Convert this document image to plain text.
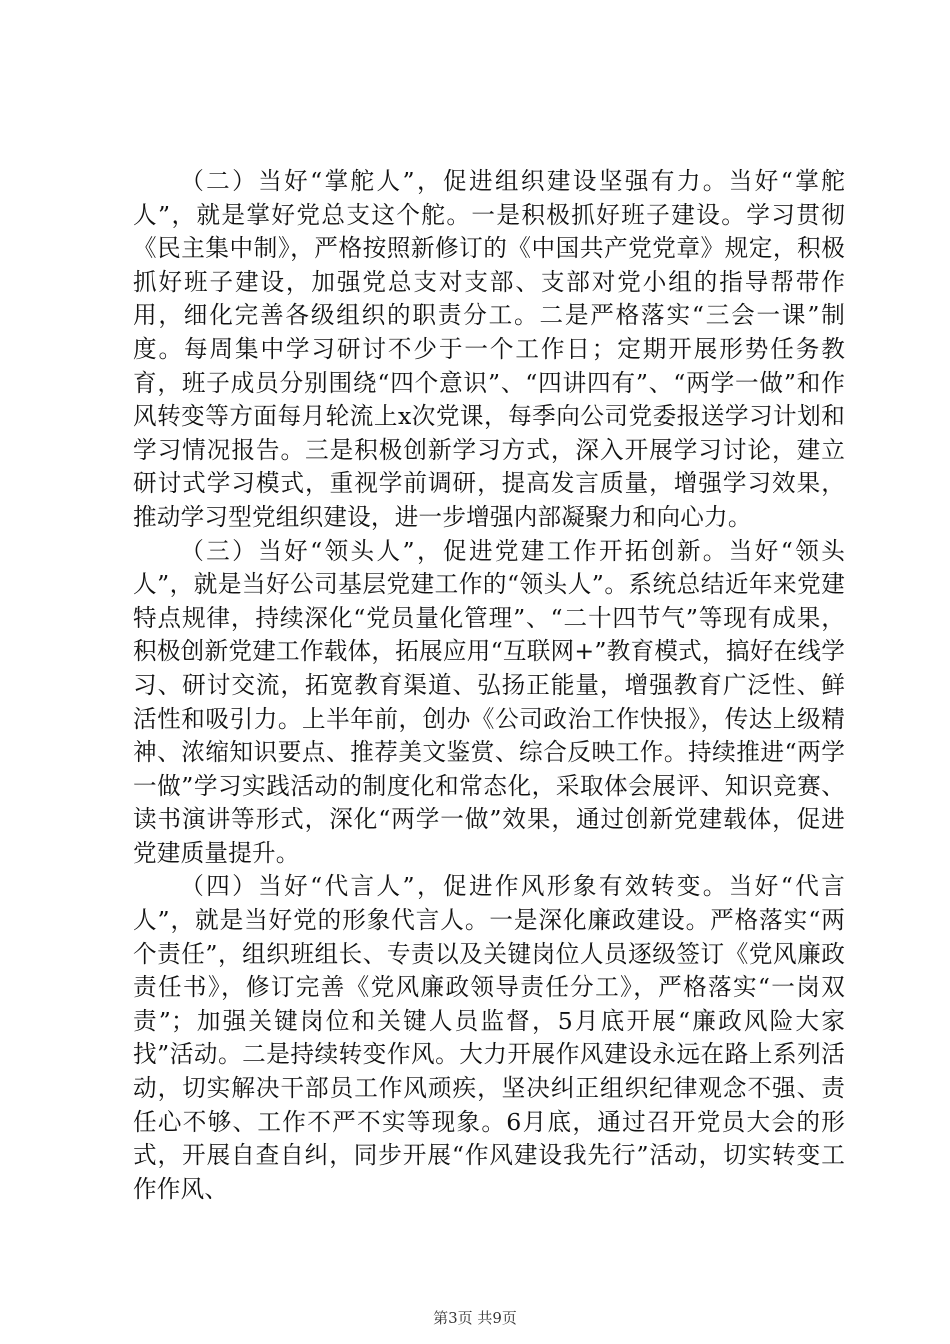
（二）当好“掌舵人”，促进组织建设坚强有力。当好“掌舵人”，就是掌好党总支这个舵。一是积极抓好班子建设。学习贯彻《民主集中制》，严格按照新修订的《中国共产党党章》规定，积极抓好班子建设，加强党总支对支部、支部对党小组的指导帮带作用，细化完善各级组织的职责分工。二是严格落实“三会一课”制度。每周集中学习研讨不少于一个工作日；定期开展形势任务教育，班子成员分别围绕“四个意识”、“四讲四有”、“两学一做”和作风转变等方面每月轮流上x次党课，每季向公司党委报送学习计划和学习情况报告。三是积极创新学习方式，深入开展学习讨论，建立研讨式学习模式，重视学前调研，提高发言质量，增强学习效果，推动学习型党组织建设，进一步增强内部凝聚力和向心力。

（三）当好“领头人”，促进党建工作开拓创新。当好“领头人”，就是当好公司基层党建工作的“领头人”。系统总结近年来党建特点规律，持续深化“党员量化管理”、“二十四节气”等现有成果，积极创新党建工作载体，拓展应用“互联网+”教育模式，搞好在线学习、研讨交流，拓宽教育渠道、弘扬正能量，增强教育广泛性、鲜活性和吸引力。上半年前，创办《公司政治工作快报》，传达上级精神、浓缩知识要点、推荐美文鉴赏、综合反映工作。持续推进“两学一做”学习实践活动的制度化和常态化，采取体会展评、知识竞赛、读书演讲等形式，深化“两学一做”效果，通过创新党建载体，促进党建质量提升。

（四）当好“代言人”，促进作风形象有效转变。当好“代言人”，就是当好党的形象代言人。一是深化廉政建设。严格落实“两个责任”，组织班组长、专责以及关键岗位人员逐级签订《党风廉政责任书》，修订完善《党风廉政领导责任分工》，严格落实“一岗双责”；加强关键岗位和关键人员监督，5月底开展“廉政风险大家找”活动。二是持续转变作风。大力开展作风建设永远在路上系列活动，切实解决干部员工作风顽疾，坚决纠正组织纪律观念不强、责任心不够、工作不严不实等现象。6月底，通过召开党员大会的形式，开展自查自纠，同步开展“作风建设我先行”活动，切实转变工作作风、

第3页 共9页
